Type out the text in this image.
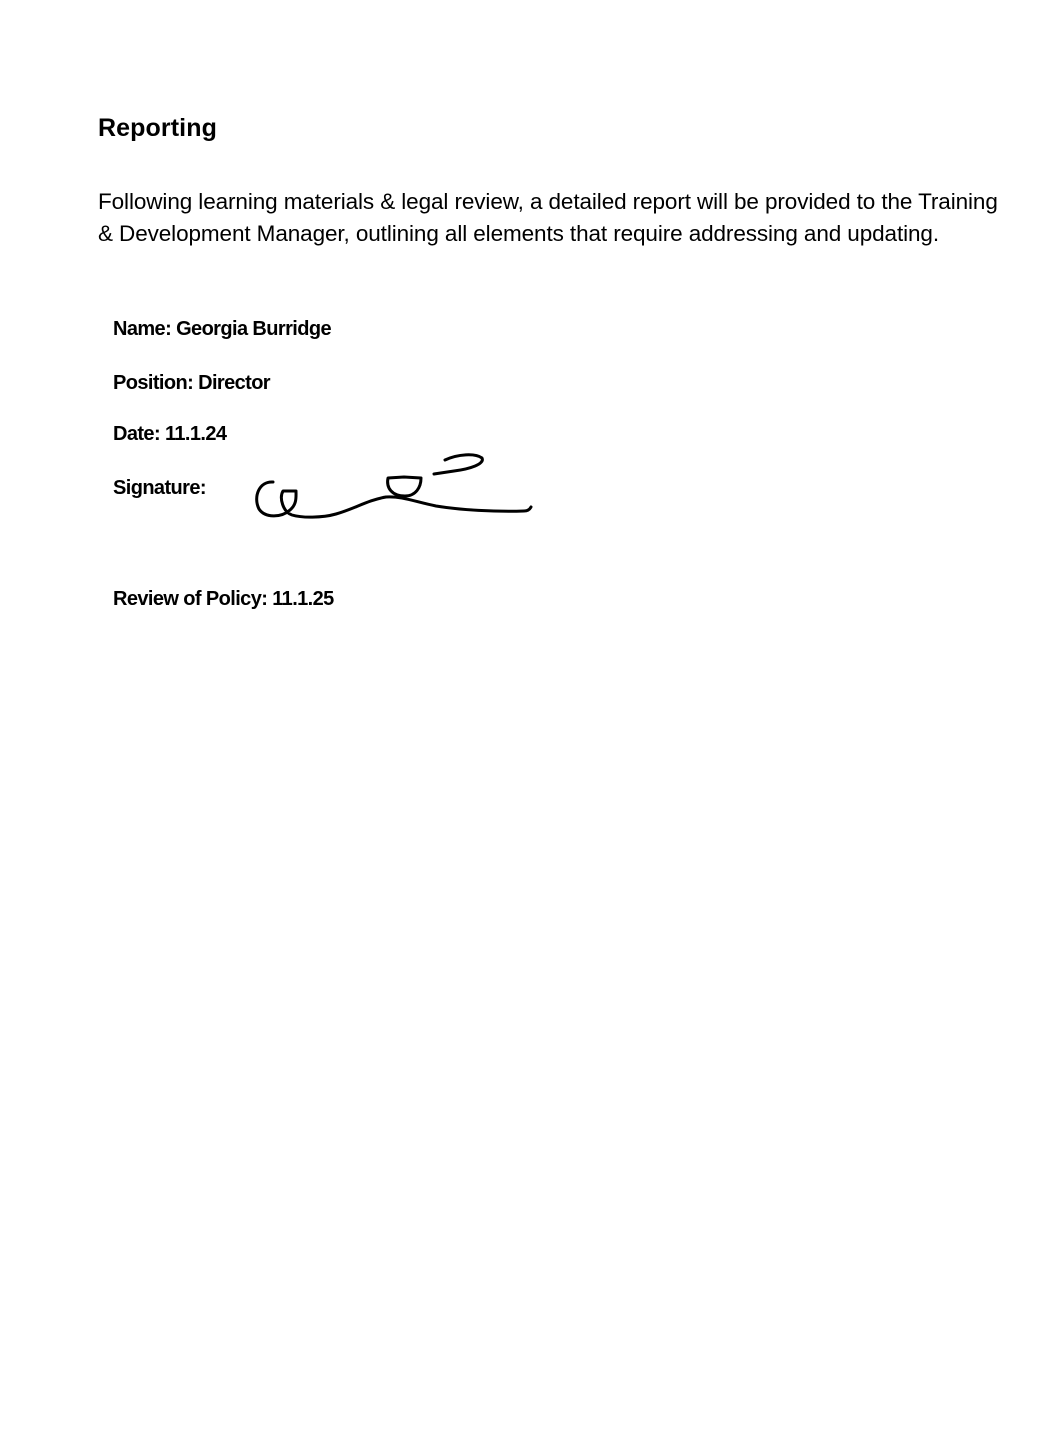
Reporting

Following learning materials & legal review, a detailed report will be provided to the Training & Development Manager, outlining all elements that require addressing and updating.

Name: Georgia Burridge

Position: Director

Date: 11.1.24

Signature:

Review of Policy: 11.1.25
